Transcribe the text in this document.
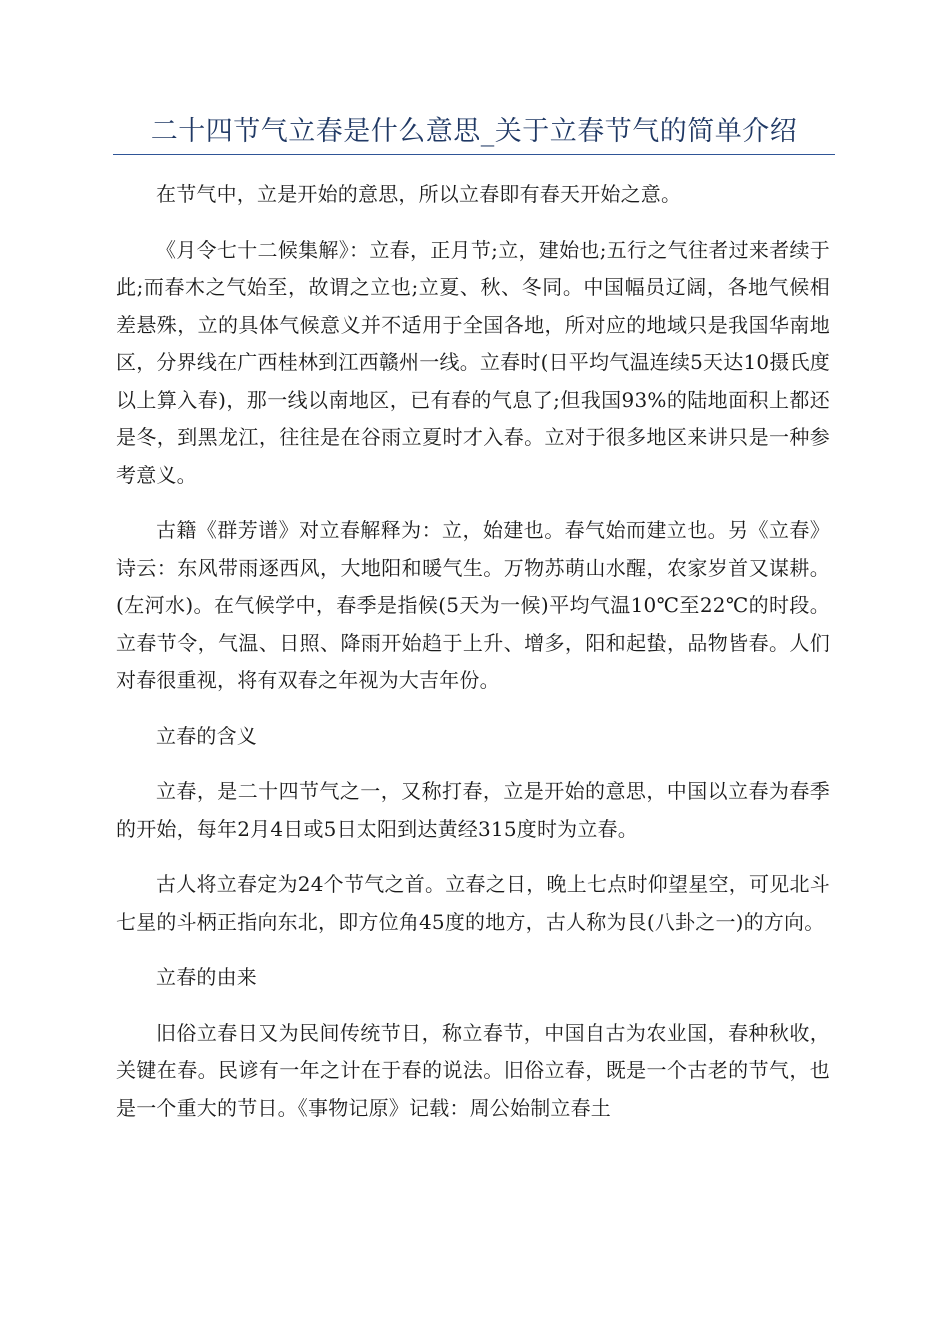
二十四节气立春是什么意思_关于立春节气的简单介绍

在节气中，立是开始的意思，所以立春即有春天开始之意。

《月令七十二候集解》：立春，正月节;立，建始也;五行之气往者过来者续于此;而春木之气始至，故谓之立也;立夏、秋、冬同。中国幅员辽阔，各地气候相差悬殊，立的具体气候意义并不适用于全国各地，所对应的地域只是我国华南地区，分界线在广西桂林到江西赣州一线。立春时(日平均气温连续5天达10摄氏度以上算入春)，那一线以南地区，已有春的气息了;但我国93%的陆地面积上都还是冬，到黑龙江，往往是在谷雨立夏时才入春。立对于很多地区来讲只是一种参考意义。

古籍《群芳谱》对立春解释为：立，始建也。春气始而建立也。另《立春》诗云：东风带雨逐西风，大地阳和暖气生。万物苏萌山水醒，农家岁首又谋耕。(左河水)。在气候学中，春季是指候(5天为一候)平均气温10℃至22℃的时段。立春节令，气温、日照、降雨开始趋于上升、增多，阳和起蛰，品物皆春。人们对春很重视，将有双春之年视为大吉年份。

立春的含义

立春，是二十四节气之一，又称打春，立是开始的意思，中国以立春为春季的开始，每年2月4日或5日太阳到达黄经315度时为立春。

古人将立春定为24个节气之首。立春之日，晚上七点时仰望星空，可见北斗七星的斗柄正指向东北，即方位角45度的地方，古人称为艮(八卦之一)的方向。

立春的由来

旧俗立春日又为民间传统节日，称立春节，中国自古为农业国，春种秋收，关键在春。民谚有一年之计在于春的说法。旧俗立春，既是一个古老的节气，也是一个重大的节日。《事物记原》记载：周公始制立春土
